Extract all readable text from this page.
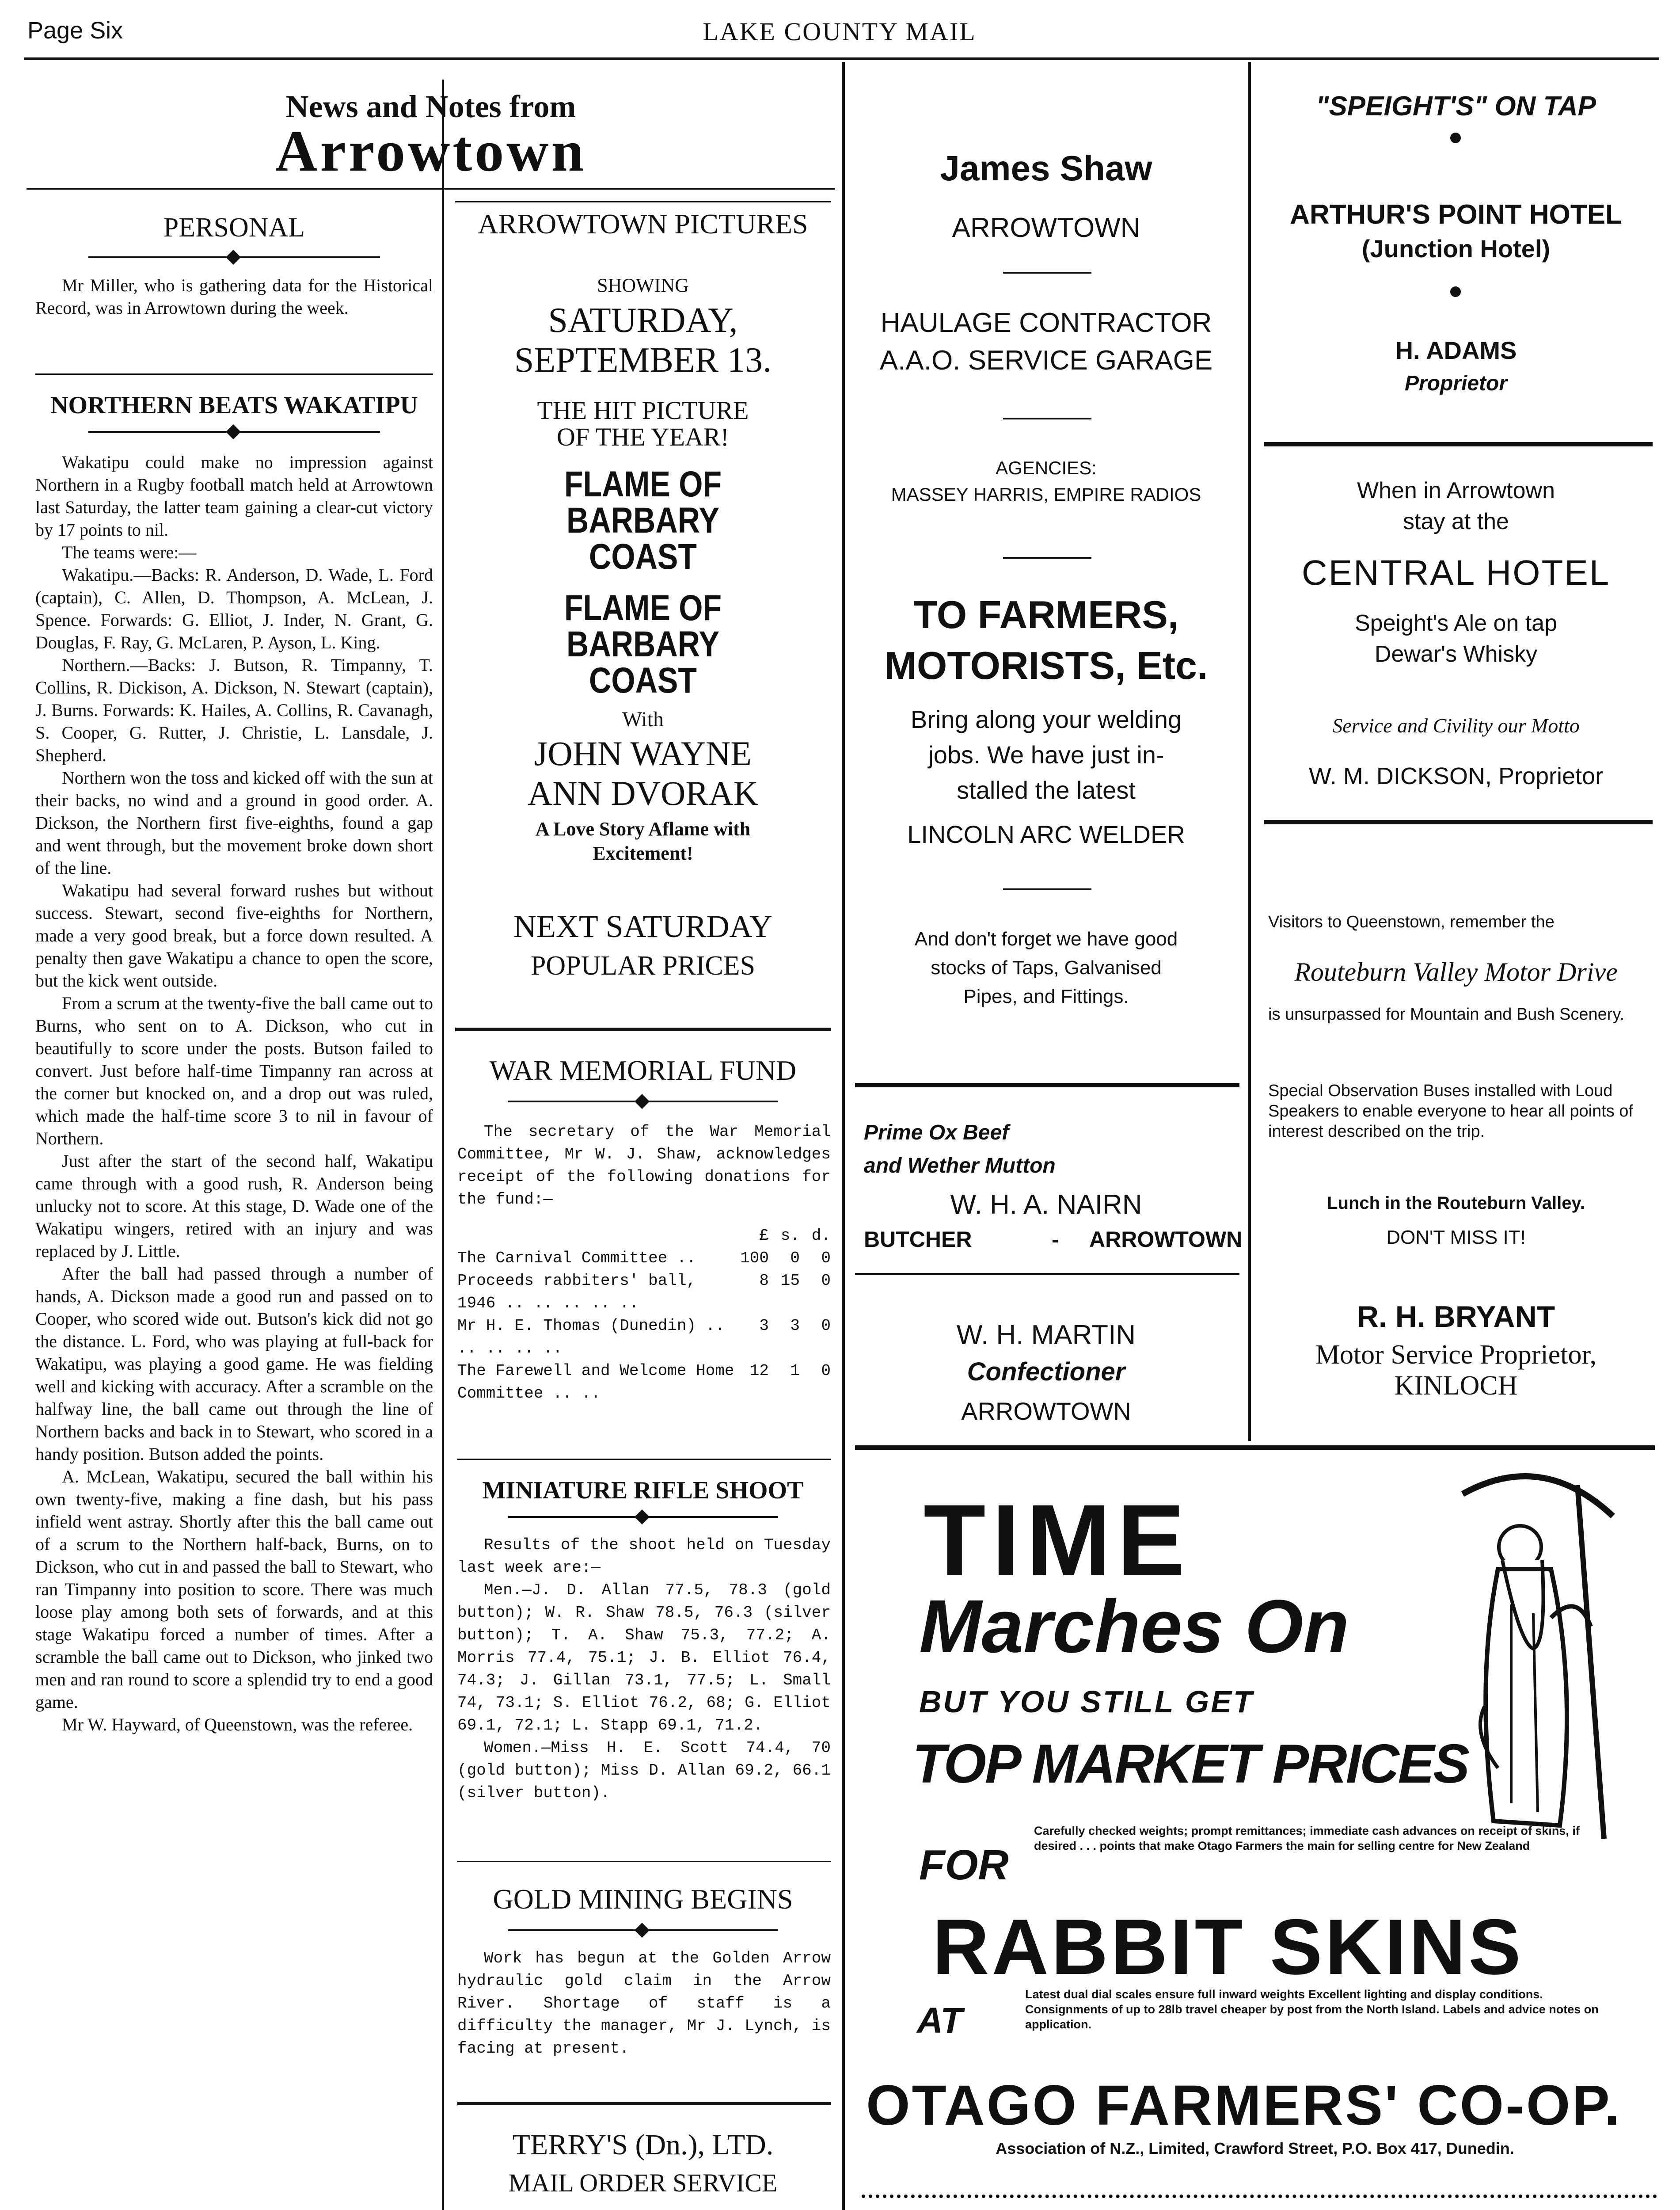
Page Six	LAKE COUNTY MAIL
News and Notes from
Arrowtown
PERSONAL

Mr Miller, who is gathering data for the Historical Record, was in Arrowtown during the week.

NORTHERN BEATS WAKATIPU

Wakatipu could make no impression against Northern in a Rugby football match held at Arrowtown last Saturday, the latter team gaining a clear-cut victory by 17 points to nil.

The teams were:—

Wakatipu.—Backs: R. Anderson, D. Wade, L. Ford (captain), C. Allen, D. Thompson, A. McLean, J. Spence. Forwards: G. Elliot, J. Inder, N. Grant, G. Douglas, F. Ray, G. McLaren, P. Ayson, L. King.

Northern.—Backs: J. Butson, R. Timpanny, T. Collins, R. Dickison, A. Dickson, N. Stewart (captain), J. Burns. Forwards: K. Hailes, A. Collins, R. Cavanagh, S. Cooper, G. Rutter, J. Christie, L. Lansdale, J. Shepherd.

Northern won the toss and kicked off with the sun at their backs, no wind and a ground in good order. A. Dickson, the Northern first five-eighths, found a gap and went through, but the movement broke down short of the line.

Wakatipu had several forward rushes but without success. Stewart, second five-eighths for Northern, made a very good break, but a force down resulted. A penalty then gave Wakatipu a chance to open the score, but the kick went outside.

From a scrum at the twenty-five the ball came out to Burns, who sent on to A. Dickson, who cut in beautifully to score under the posts. Butson failed to convert. Just before half-time Timpanny ran across at the corner but knocked on, and a drop out was ruled, which made the half-time score 3 to nil in favour of Northern.

Just after the start of the second half, Wakatipu came through with a good rush, R. Anderson being unlucky not to score. At this stage, D. Wade one of the Wakatipu wingers, retired with an injury and was replaced by J. Little.

After the ball had passed through a number of hands, A. Dickson made a good run and passed on to Cooper, who scored wide out. Butson's kick did not go the distance. L. Ford, who was playing at full-back for Wakatipu, was playing a good game. He was fielding well and kicking with accuracy. After a scramble on the halfway line, the ball came out through the line of Northern backs and back in to Stewart, who scored in a handy position. Butson added the points.

A. McLean, Wakatipu, secured the ball within his own twenty-five, making a fine dash, but his pass infield went astray. Shortly after this the ball came out of a scrum to the Northern half-back, Burns, on to Dickson, who cut in and passed the ball to Stewart, who ran Timpanny into position to score. There was much loose play among both sets of forwards, and at this stage Wakatipu forced a number of times. After a scramble the ball came out to Dickson, who jinked two men and ran round to score a splendid try to end a good game.

Mr W. Hayward, of Queenstown, was the referee.

ARROWTOWN PICTURES
SHOWING
SATURDAY,
SEPTEMBER 13.
THE HIT PICTURE
OF THE YEAR!
FLAME OF
BARBARY
COAST
FLAME OF
BARBARY
COAST
With
JOHN WAYNE
ANN DVORAK
A Love Story Aflame with
Excitement!
NEXT SATURDAY
POPULAR PRICES
WAR MEMORIAL FUND

The secretary of the War Memorial Committee, Mr W. J. Shaw, acknowledges receipt of the following donations for the fund:—

	£	s.	d.
The Carnival Committee ..	100	0	0
Proceeds rabbiters' ball, 1946 .. .. .. .. ..	8	15	0
Mr H. E. Thomas (Dunedin) .. .. .. .. ..	3	3	0
The Farewell and Welcome Home Committee .. ..	12	1	0
MINIATURE RIFLE SHOOT

Results of the shoot held on Tuesday last week are:—

Men.—J. D. Allan 77.5, 78.3 (gold button); W. R. Shaw 78.5, 76.3 (silver button); T. A. Shaw 75.3, 77.2; A. Morris 77.4, 75.1; J. B. Elliot 76.4, 74.3; J. Gillan 73.1, 77.5; L. Small 74, 73.1; S. Elliot 76.2, 68; G. Elliot 69.1, 72.1; L. Stapp 69.1, 71.2.

Women.—Miss H. E. Scott 74.4, 70 (gold button); Miss D. Allan 69.2, 66.1 (silver button).

GOLD MINING BEGINS

Work has begun at the Golden Arrow hydraulic gold claim in the Arrow River. Shortage of staff is a difficulty the manager, Mr J. Lynch, is facing at present.

TERRY'S (Dn.), LTD.
MAIL ORDER SERVICE

James Shaw
ARROWTOWN
HAULAGE CONTRACTOR
A.A.O. SERVICE GARAGE
AGENCIES:
MASSEY HARRIS, EMPIRE RADIOS
TO FARMERS,
MOTORISTS, Etc.
Bring along your welding
jobs. We have just in-
stalled the latest
LINCOLN ARC WELDER
And don't forget we have good
stocks of Taps, Galvanised
Pipes, and Fittings.
Prime Ox Beef
and Wether Mutton
W. H. A. NAIRN
BUTCHER	- ARROWTOWN
W. H. MARTIN
Confectioner
ARROWTOWN
"SPEIGHT'S" ON TAP
ARTHUR'S POINT HOTEL
(Junction Hotel)
H. ADAMS
Proprietor
When in Arrowtown
stay at the
CENTRAL HOTEL
Speight's Ale on tap
Dewar's Whisky
Service and Civility our Motto
W. M. DICKSON, Proprietor
Visitors to Queenstown, remember the
Routeburn Valley Motor Drive
is unsurpassed for Mountain and Bush Scenery.
Special Observation Buses installed with Loud Speakers to enable everyone to hear all points of interest described on the trip.
Lunch in the Routeburn Valley.
DON'T MISS IT!
R. H. BRYANT
Motor Service Proprietor,
KINLOCH
TIME
Marches On
BUT YOU STILL GET
TOP MARKET PRICES
FOR
Carefully checked weights; prompt remittances; immediate cash advances on receipt of skins, if desired . . . points that make Otago Farmers the main for selling centre for New Zealand
RABBIT SKINS
AT
Latest dual dial scales ensure full inward weights Excellent lighting and display conditions. Consignments of up to 28lb travel cheaper by post from the North Island. Labels and advice notes on application.
OTAGO FARMERS' CO-OP.
Association of N.Z., Limited, Crawford Street, P.O. Box 417, Dunedin.
